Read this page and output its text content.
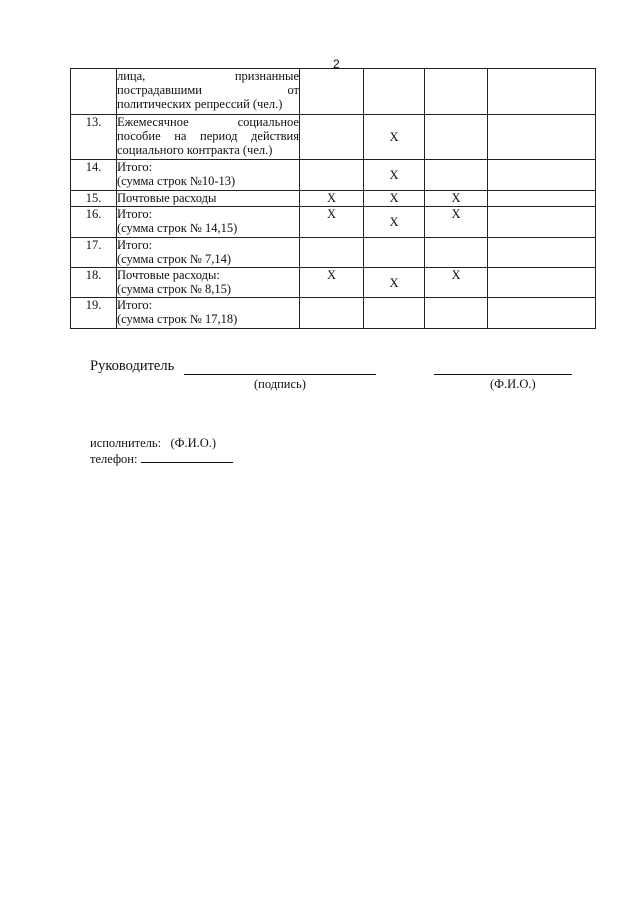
2

	лица, признанные
пострадавшими от
политических репрессий (чел.)				

13.	Ежемесячное социальное
пособие на период действия
социального контракта (чел.)		Х		

14.	Итого:
(сумма строк №10-13)		Х		

15.	Почтовые расходы	Х	Х	Х	

16.	Итого:
(сумма строк № 14,15)	Х	Х	Х	

17.	Итого:
(сумма строк № 7,14)				

18.	Почтовые расходы:
(сумма строк № 8,15)	Х	Х	Х	

19.	Итого:
(сумма строк № 17,18)				

Руководитель
(подпись)	(Ф.И.О.)
исполнитель: (Ф.И.О.)
телефон:
